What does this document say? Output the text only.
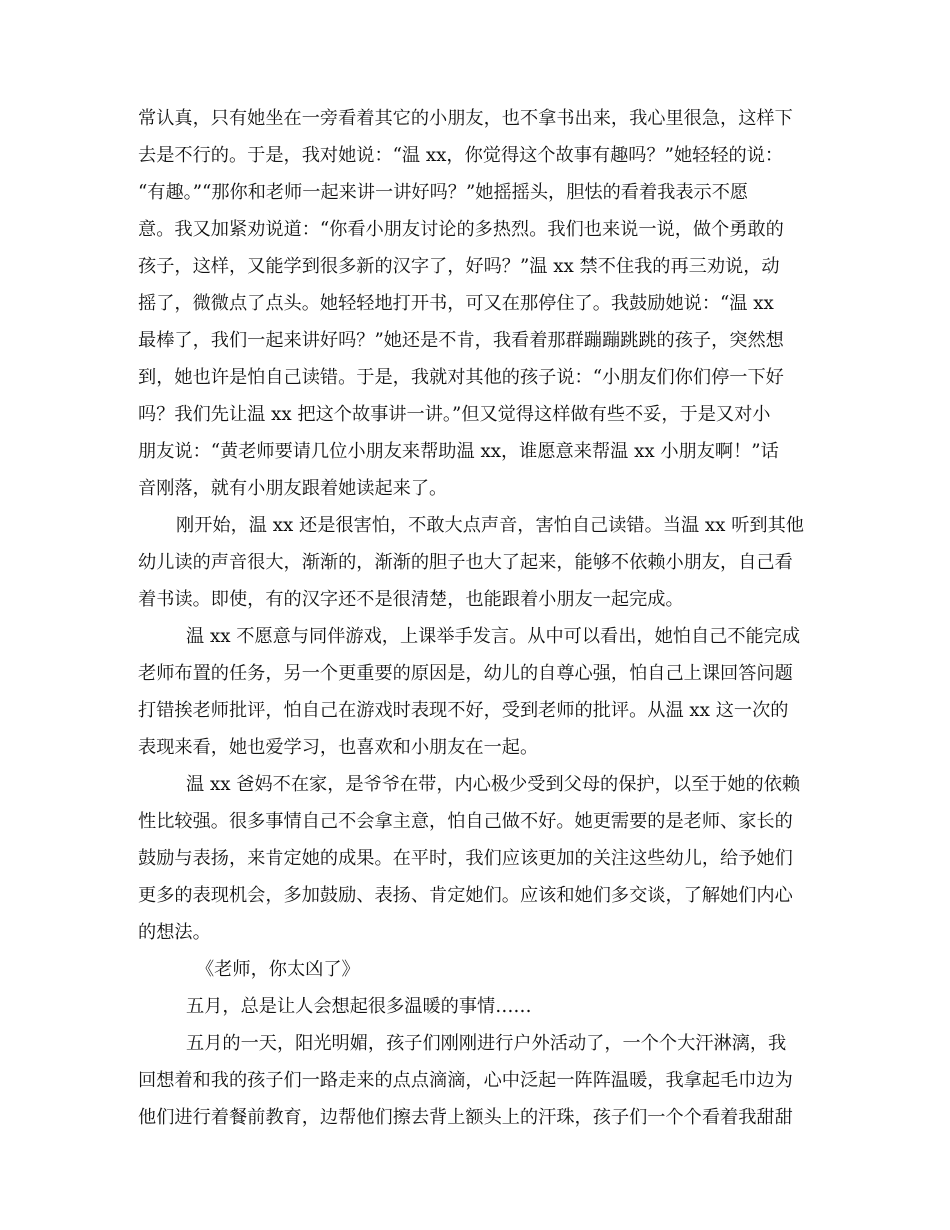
常认真，只有她坐在一旁看着其它的小朋友，也不拿书出来，我心里很急，这样下
去是不行的。于是，我对她说：“温 xx，你觉得这个故事有趣吗？”她轻轻的说：
“有趣。”“那你和老师一起来讲一讲好吗？”她摇摇头，胆怯的看着我表示不愿
意。我又加紧劝说道：“你看小朋友讨论的多热烈。我们也来说一说，做个勇敢的
孩子，这样，又能学到很多新的汉字了，好吗？”温 xx 禁不住我的再三劝说，动
摇了，微微点了点头。她轻轻地打开书，可又在那停住了。我鼓励她说：“温 xx
最棒了，我们一起来讲好吗？”她还是不肯，我看着那群蹦蹦跳跳的孩子，突然想
到，她也许是怕自己读错。于是，我就对其他的孩子说：“小朋友们你们停一下好
吗？我们先让温 xx 把这个故事讲一讲。”但又觉得这样做有些不妥，于是又对小
朋友说：“黄老师要请几位小朋友来帮助温 xx，谁愿意来帮温 xx 小朋友啊！”话
音刚落，就有小朋友跟着她读起来了。
刚开始，温 xx 还是很害怕，不敢大点声音，害怕自己读错。当温 xx 听到其他
幼儿读的声音很大，渐渐的，渐渐的胆子也大了起来，能够不依赖小朋友，自己看
着书读。即使，有的汉字还不是很清楚，也能跟着小朋友一起完成。
温 xx 不愿意与同伴游戏，上课举手发言。从中可以看出，她怕自己不能完成
老师布置的任务，另一个更重要的原因是，幼儿的自尊心强，怕自己上课回答问题
打错挨老师批评，怕自己在游戏时表现不好，受到老师的批评。从温 xx 这一次的
表现来看，她也爱学习，也喜欢和小朋友在一起。
温 xx 爸妈不在家，是爷爷在带，内心极少受到父母的保护，以至于她的依赖
性比较强。很多事情自己不会拿主意，怕自己做不好。她更需要的是老师、家长的
鼓励与表扬，来肯定她的成果。在平时，我们应该更加的关注这些幼儿，给予她们
更多的表现机会，多加鼓励、表扬、肯定她们。应该和她们多交谈，了解她们内心
的想法。
《老师，你太凶了》
五月，总是让人会想起很多温暖的事情……
五月的一天，阳光明媚，孩子们刚刚进行户外活动了，一个个大汗淋漓，我
回想着和我的孩子们一路走来的点点滴滴，心中泛起一阵阵温暖，我拿起毛巾边为
他们进行着餐前教育，边帮他们擦去背上额头上的汗珠，孩子们一个个看着我甜甜
